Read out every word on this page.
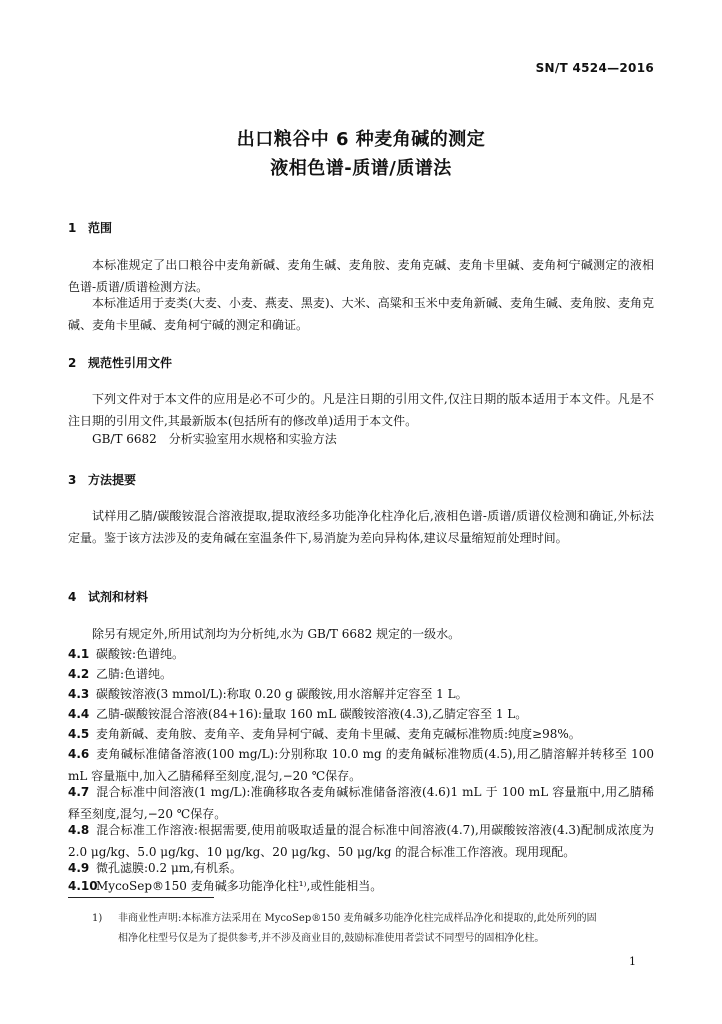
SN/T 4524—2016
出口粮谷中 6 种麦角碱的测定
液相色谱-质谱/质谱法
1 范围

本标准规定了出口粮谷中麦角新碱、麦角生碱、麦角胺、麦角克碱、麦角卡里碱、麦角柯宁碱测定的液相色谱-质谱/质谱检测方法。

本标准适用于麦类(大麦、小麦、燕麦、黑麦)、大米、高粱和玉米中麦角新碱、麦角生碱、麦角胺、麦角克碱、麦角卡里碱、麦角柯宁碱的测定和确证。

2 规范性引用文件

下列文件对于本文件的应用是必不可少的。凡是注日期的引用文件,仅注日期的版本适用于本文件。凡是不注日期的引用文件,其最新版本(包括所有的修改单)适用于本文件。

GB/T 6682　分析实验室用水规格和实验方法
3 方法提要

试样用乙腈/碳酸铵混合溶液提取,提取液经多功能净化柱净化后,液相色谱-质谱/质谱仪检测和确证,外标法定量。鉴于该方法涉及的麦角碱在室温条件下,易消旋为差向异构体,建议尽量缩短前处理时间。

4 试剂和材料
除另有规定外,所用试剂均为分析纯,水为 GB/T 6682 规定的一级水。

4.1 碳酸铵:色谱纯。

4.2 乙腈:色谱纯。

4.3 碳酸铵溶液(3 mmol/L):称取 0.20 g 碳酸铵,用水溶解并定容至 1 L。

4.4 乙腈-碳酸铵混合溶液(84+16):量取 160 mL 碳酸铵溶液(4.3),乙腈定容至 1 L。

4.5 麦角新碱、麦角胺、麦角辛、麦角异柯宁碱、麦角卡里碱、麦角克碱标准物质:纯度≥98%。

4.6 麦角碱标准储备溶液(100 mg/L):分别称取 10.0 mg 的麦角碱标准物质(4.5),用乙腈溶解并转移至 100 mL 容量瓶中,加入乙腈稀释至刻度,混匀,−20 ℃保存。

4.7 混合标准中间溶液(1 mg/L):准确移取各麦角碱标准储备溶液(4.6)1 mL 于 100 mL 容量瓶中,用乙腈稀释至刻度,混匀,−20 ℃保存。

4.8 混合标准工作溶液:根据需要,使用前吸取适量的混合标准中间溶液(4.7),用碳酸铵溶液(4.3)配制成浓度为 2.0 μg/kg、5.0 μg/kg、10 μg/kg、20 μg/kg、50 μg/kg 的混合标准工作溶液。现用现配。

4.9 微孔滤膜:0.2 μm,有机系。

4.10MycoSep®150 麦角碱多功能净化柱¹⁾,或性能相当。

1) 非商业性声明:本标准方法采用在 MycoSep®150 麦角碱多功能净化柱完成样品净化和提取的,此处所列的固
相净化柱型号仅是为了提供参考,并不涉及商业目的,鼓励标准使用者尝试不同型号的固相净化柱。

1
